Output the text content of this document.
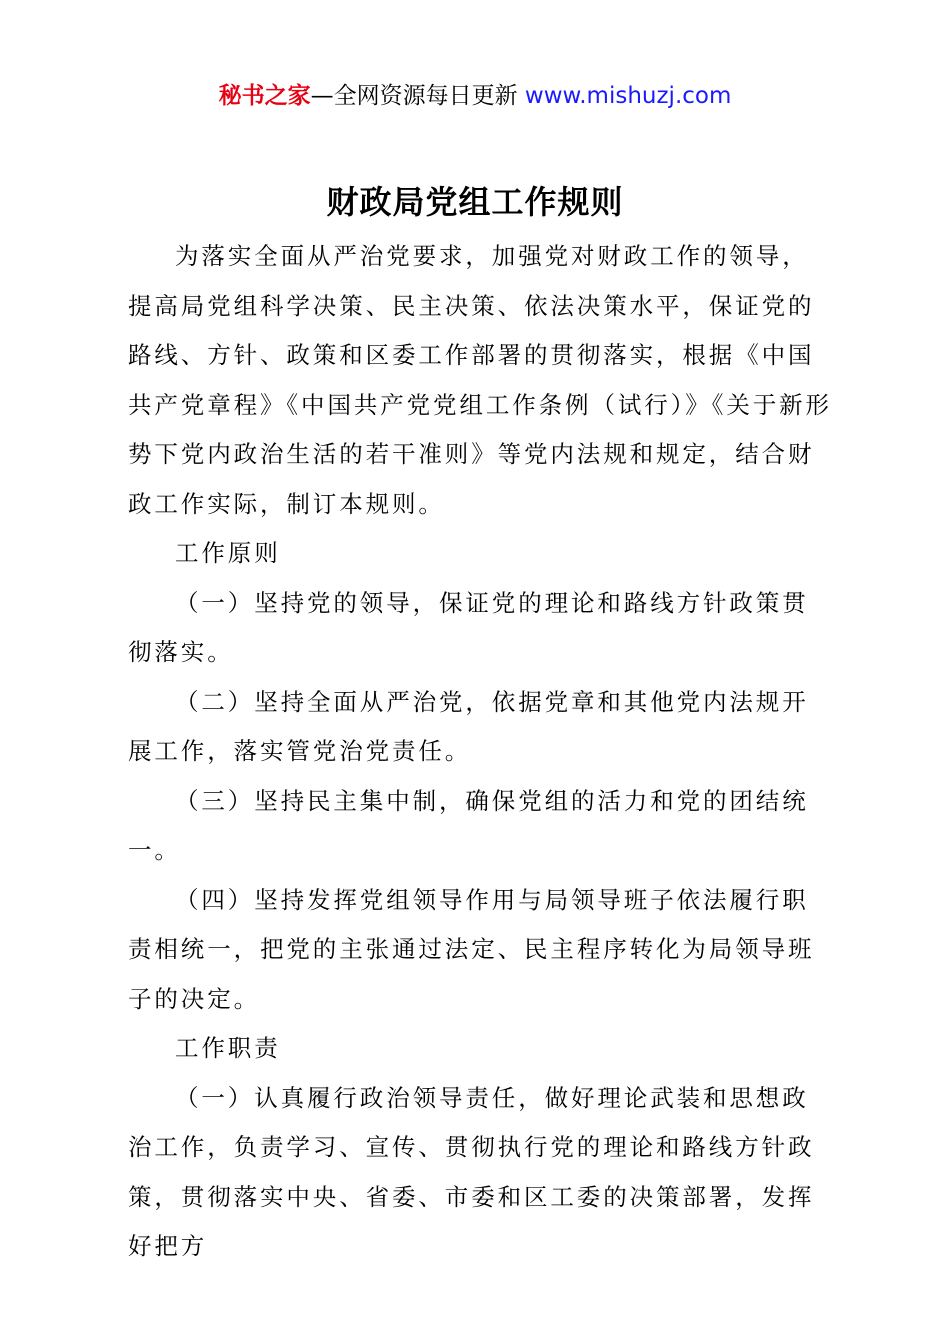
秘书之家—全网资源每日更新 www.mishuzj.com
财政局党组工作规则

为落实全面从严治党要求，加强党对财政工作的领导，提高局党组科学决策、民主决策、依法决策水平，保证党的路线、方针、政策和区委工作部署的贯彻落实，根据《中国共产党章程》《中国共产党党组工作条例（试行）》《关于新形势下党内政治生活的若干准则》等党内法规和规定，结合财政工作实际，制订本规则。

工作原则

（一）坚持党的领导，保证党的理论和路线方针政策贯彻落实。

（二）坚持全面从严治党，依据党章和其他党内法规开展工作，落实管党治党责任。

（三）坚持民主集中制，确保党组的活力和党的团结统一。

（四）坚持发挥党组领导作用与局领导班子依法履行职责相统一，把党的主张通过法定、民主程序转化为局领导班子的决定。

工作职责

（一）认真履行政治领导责任，做好理论武装和思想政治工作，负责学习、宣传、贯彻执行党的理论和路线方针政策，贯彻落实中央、省委、市委和区工委的决策部署，发挥好把方
